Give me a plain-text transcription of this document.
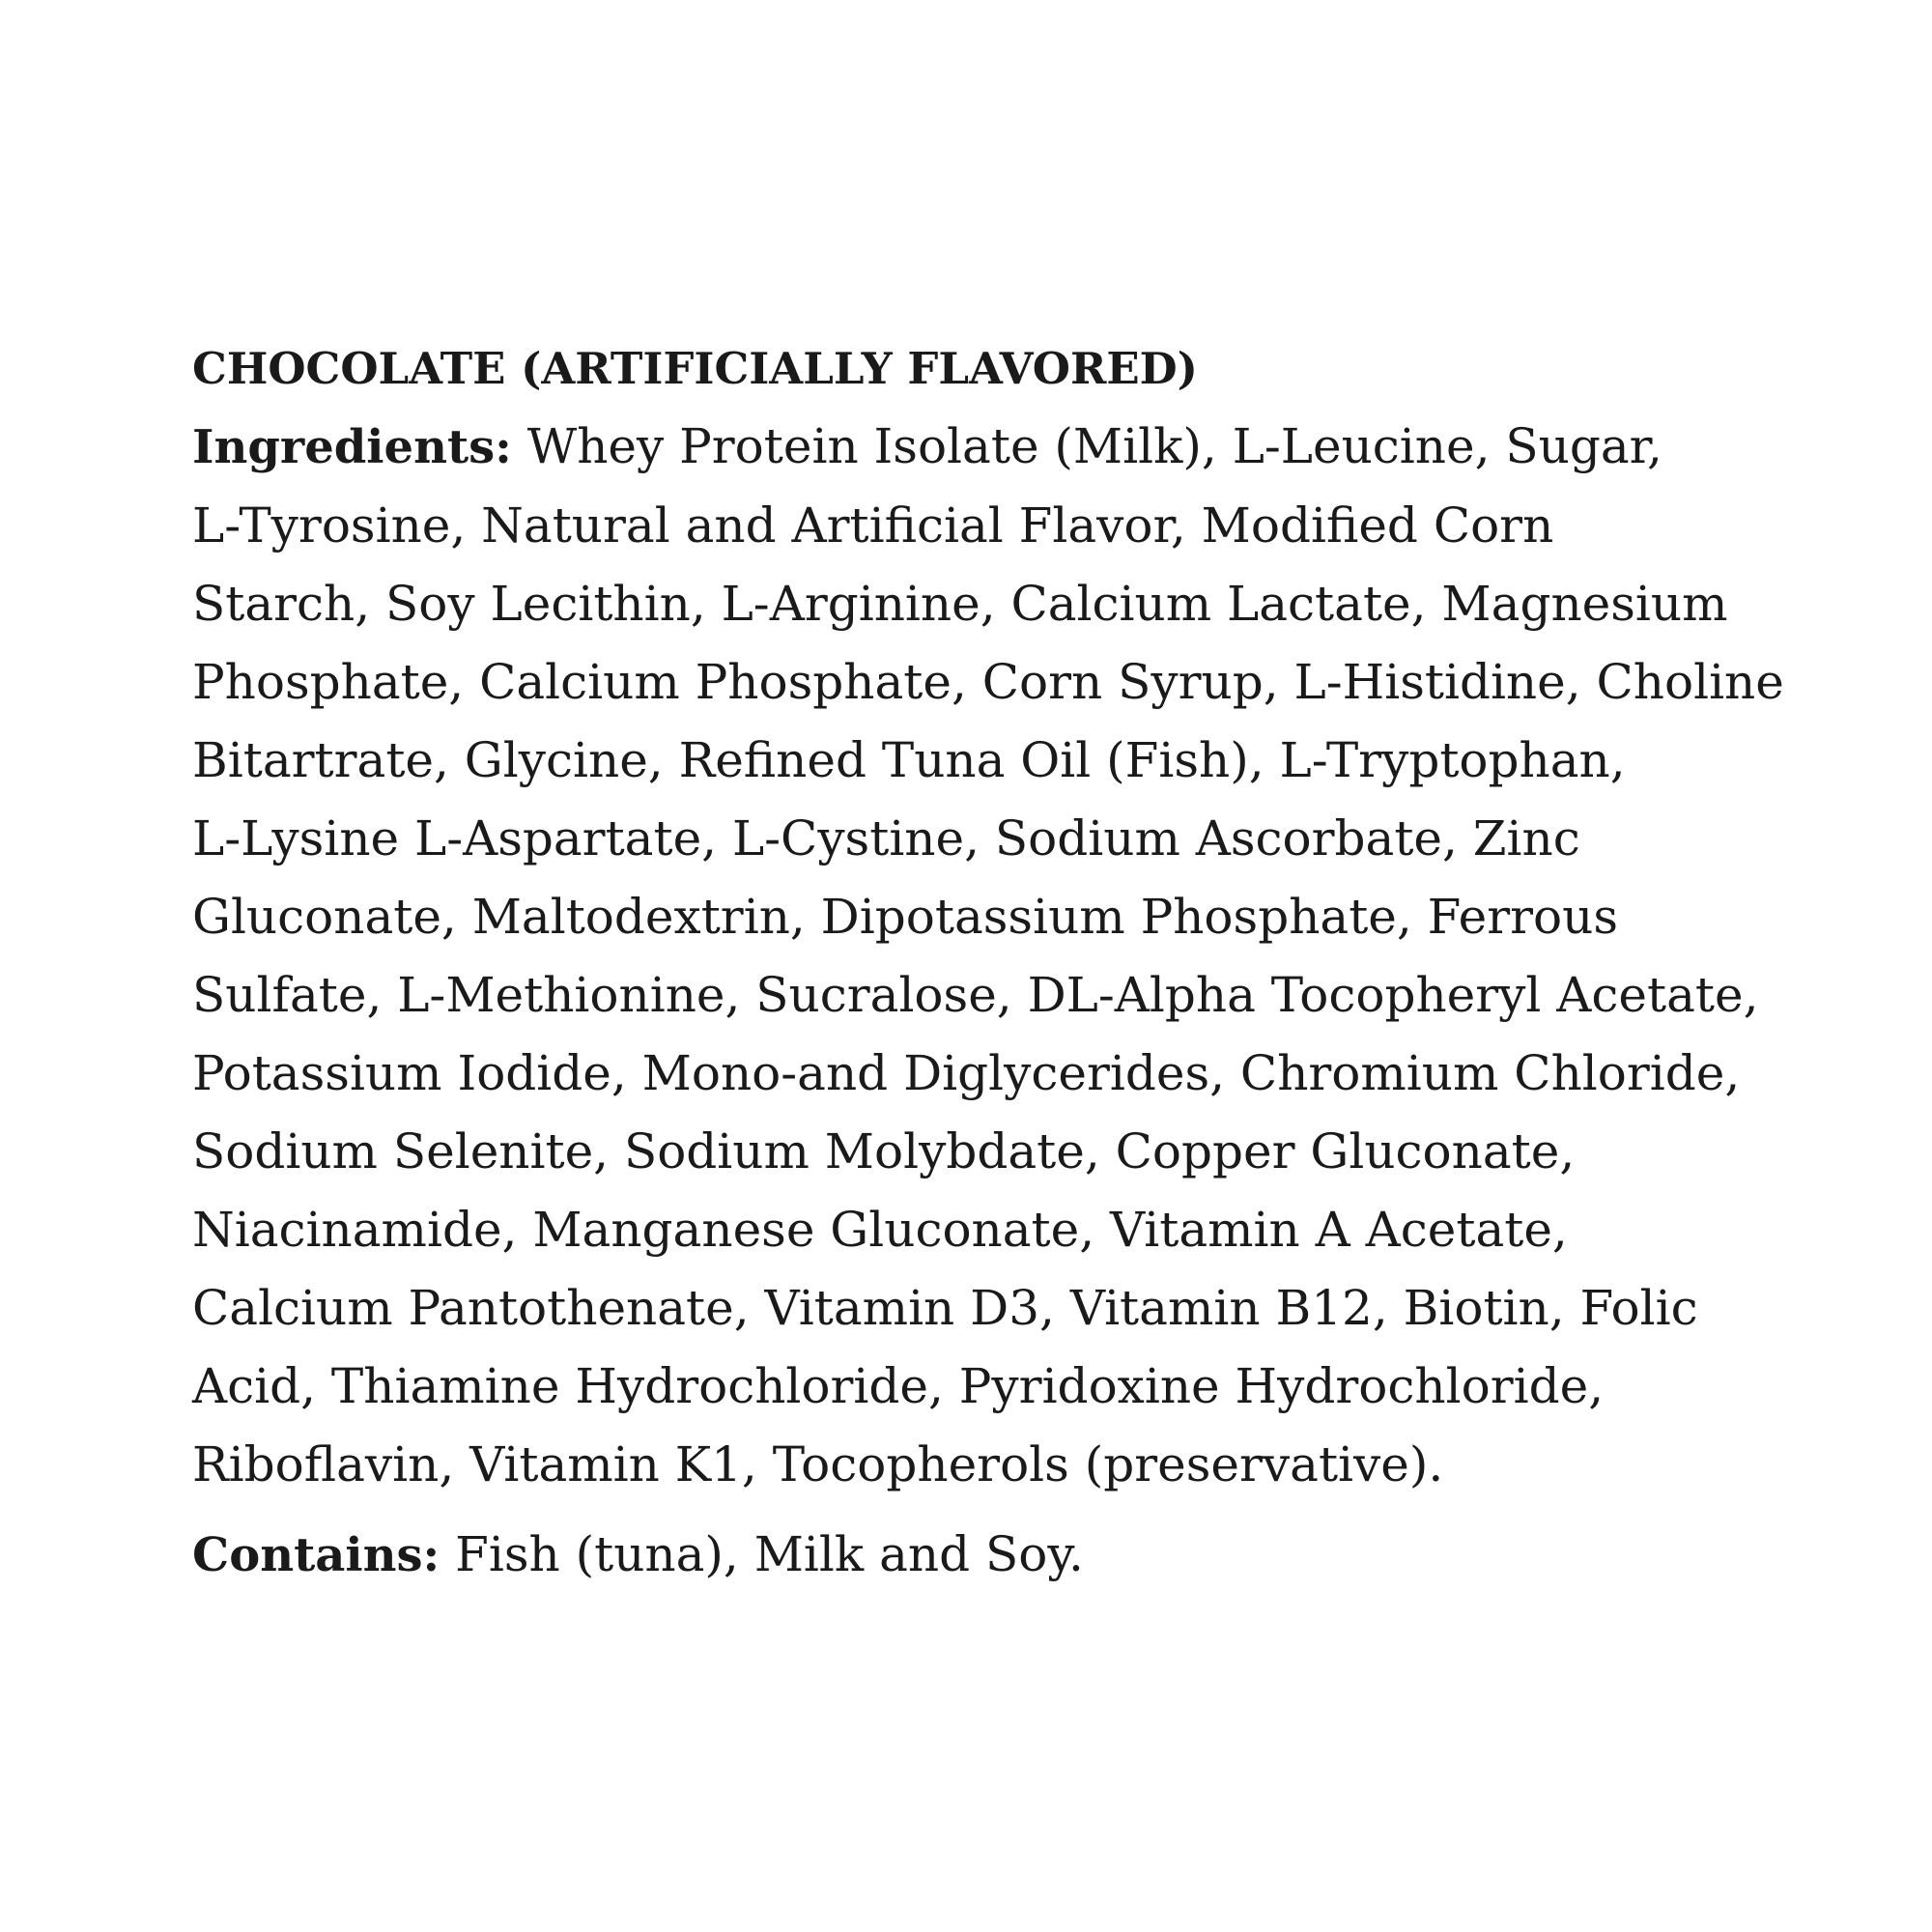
CHOCOLATE (ARTIFICIALLY FLAVORED)
Ingredients: Whey Protein Isolate (Milk), L-Leucine, Sugar,
L-Tyrosine, Natural and Artificial Flavor, Modified Corn
Starch, Soy Lecithin, L-Arginine, Calcium Lactate, Magnesium
Phosphate, Calcium Phosphate, Corn Syrup, L-Histidine, Choline
Bitartrate, Glycine, Refined Tuna Oil (Fish), L-Tryptophan,
L-Lysine L-Aspartate, L-Cystine, Sodium Ascorbate, Zinc
Gluconate, Maltodextrin, Dipotassium Phosphate, Ferrous
Sulfate, L-Methionine, Sucralose, DL-Alpha Tocopheryl Acetate,
Potassium Iodide, Mono-and Diglycerides, Chromium Chloride,
Sodium Selenite, Sodium Molybdate, Copper Gluconate,
Niacinamide, Manganese Gluconate, Vitamin A Acetate,
Calcium Pantothenate, Vitamin D3, Vitamin B12, Biotin, Folic
Acid, Thiamine Hydrochloride, Pyridoxine Hydrochloride,
Riboflavin, Vitamin K1, Tocopherols (preservative).
Contains: Fish (tuna), Milk and Soy.
